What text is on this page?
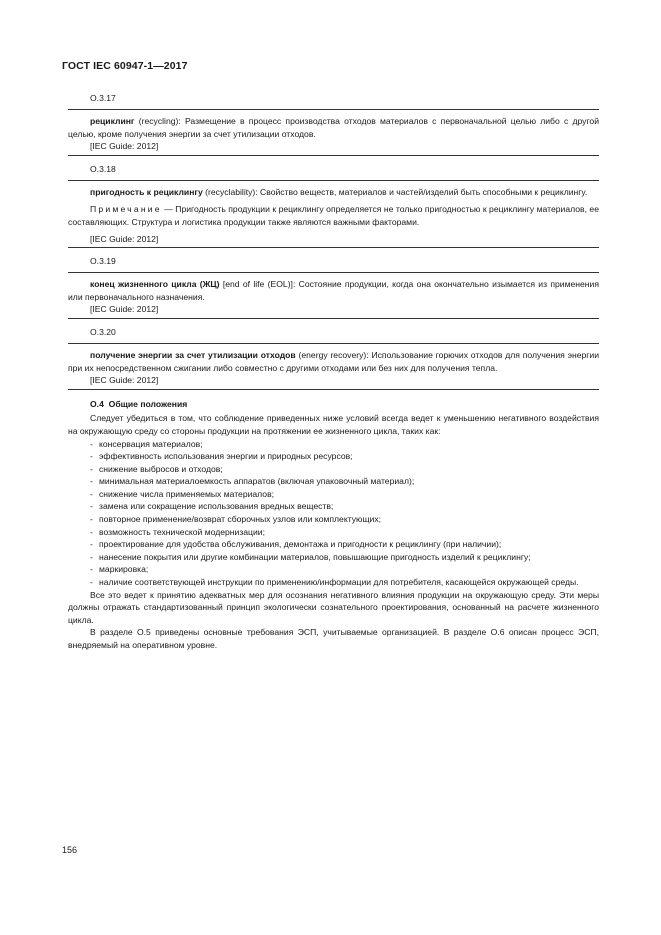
ГОСТ IEC 60947-1—2017
O.3.17

рециклинг (recycling): Размещение в процесс производства отходов материалов с первоначальной целью либо с другой целью, кроме получения энергии за счет утилизации отходов.

[IEC Guide: 2012]

O.3.18

пригодность к рециклингу (recyclability): Свойство веществ, материалов и частей/изделий быть способными к рециклингу.

Примечание — Пригодность продукции к рециклингу определяется не только пригодностью к рециклингу материалов, ее составляющих. Структура и логистика продукции также являются важными факторами.

[IEC Guide: 2012]

O.3.19

конец жизненного цикла (ЖЦ) [end of life (EOL)]: Состояние продукции, когда она окончательно изымается из применения или первоначального назначения.

[IEC Guide: 2012]

O.3.20

получение энергии за счет утилизации отходов (energy recovery): Использование горючих отходов для получения энергии при их непосредственном сжигании либо совместно с другими отходами или без них для получения тепла.

[IEC Guide: 2012]

O.4 Общие положения

Следует убедиться в том, что соблюдение приведенных ниже условий всегда ведет к уменьшению негативного воздействия на окружающую среду со стороны продукции на протяжении ее жизненного цикла, таких как:

- консервация материалов;
- эффективность использования энергии и природных ресурсов;
- снижение выбросов и отходов;
- минимальная материалоемкость аппаратов (включая упаковочный материал);
- снижение числа применяемых материалов;
- замена или сокращение использования вредных веществ;
- повторное применение/возврат сборочных узлов или комплектующих;
- возможность технической модернизации;
- проектирование для удобства обслуживания, демонтажа и пригодности к рециклингу (при наличии);
- нанесение покрытия или другие комбинации материалов, повышающие пригодность изделий к рециклингу;
- маркировка;
- наличие соответствующей инструкции по применению/информации для потребителя, касающейся окружающей среды.

Все это ведет к принятию адекватных мер для осознания негативного влияния продукции на окружающую среду. Эти меры должны отражать стандартизованный принцип экологически сознательного проектирования, основанный на расчете жизненного цикла.

В разделе O.5 приведены основные требования ЭСП, учитываемые организацией. В разделе O.6 описан процесс ЭСП, внедряемый на оперативном уровне.

156
